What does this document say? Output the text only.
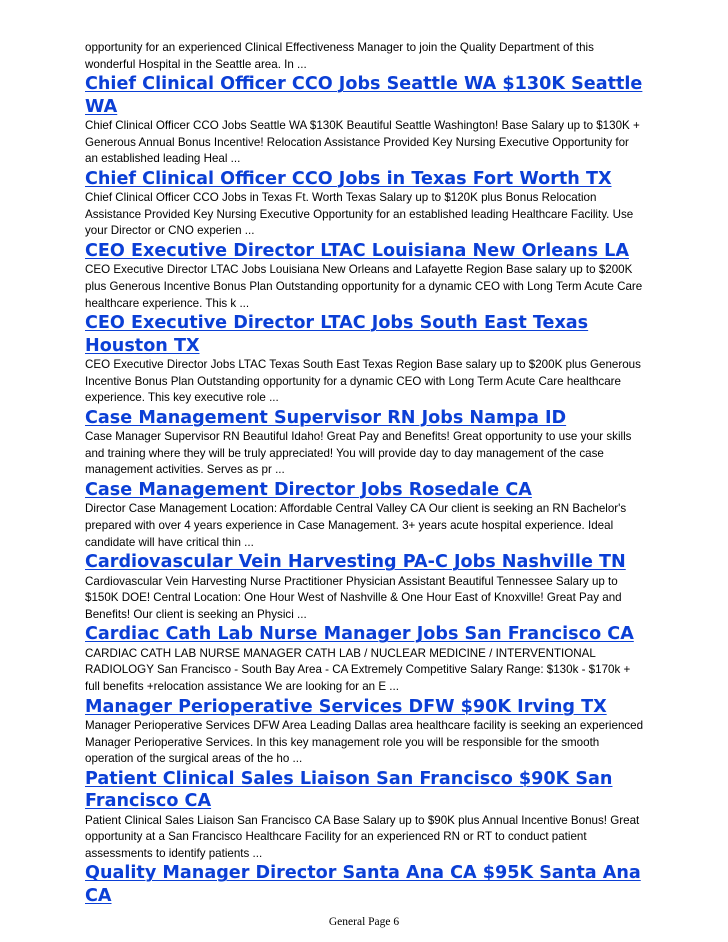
opportunity for an experienced Clinical Effectiveness Manager to join the Quality Department of this wonderful Hospital in the Seattle area. In ...

Chief Clinical Officer CCO Jobs Seattle WA $130K Seattle WA

Chief Clinical Officer CCO Jobs Seattle WA $130K Beautiful Seattle Washington! Base Salary up to $130K + Generous Annual Bonus Incentive! Relocation Assistance Provided Key Nursing Executive Opportunity for an established leading Heal ...

Chief Clinical Officer CCO Jobs in Texas Fort Worth TX

Chief Clinical Officer CCO Jobs in Texas Ft. Worth Texas Salary up to $120K plus Bonus Relocation Assistance Provided Key Nursing Executive Opportunity for an established leading Healthcare Facility. Use your Director or CNO experien ...

CEO Executive Director LTAC Louisiana New Orleans LA

CEO Executive Director LTAC Jobs Louisiana New Orleans and Lafayette Region Base salary up to $200K plus Generous Incentive Bonus Plan Outstanding opportunity for a dynamic CEO with Long Term Acute Care healthcare experience. This k ...

CEO Executive Director LTAC Jobs South East Texas Houston TX

CEO Executive Director Jobs LTAC Texas South East Texas Region Base salary up to $200K plus Generous Incentive Bonus Plan Outstanding opportunity for a dynamic CEO with Long Term Acute Care healthcare experience. This key executive role ...

Case Management Supervisor RN Jobs Nampa ID

Case Manager Supervisor RN Beautiful Idaho! Great Pay and Benefits! Great opportunity to use your skills and training where they will be truly appreciated! You will provide day to day management of the case management activities. Serves as pr ...

Case Management Director Jobs Rosedale CA

Director Case Management Location: Affordable Central Valley CA Our client is seeking an RN Bachelor's prepared with over 4 years experience in Case Management. 3+ years acute hospital experience. Ideal candidate will have critical thin ...

Cardiovascular Vein Harvesting PA-C Jobs Nashville TN

Cardiovascular Vein Harvesting Nurse Practitioner Physician Assistant Beautiful Tennessee Salary up to $150K DOE! Central Location: One Hour West of Nashville & One Hour East of Knoxville! Great Pay and Benefits! Our client is seeking an Physici ...

Cardiac Cath Lab Nurse Manager Jobs San Francisco CA

CARDIAC CATH LAB NURSE MANAGER CATH LAB / NUCLEAR MEDICINE / INTERVENTIONAL RADIOLOGY San Francisco - South Bay Area - CA Extremely Competitive Salary Range: $130k - $170k + full benefits +relocation assistance We are looking for an E ...

Manager Perioperative Services DFW $90K Irving TX

Manager Perioperative Services DFW Area Leading Dallas area healthcare facility is seeking an experienced Manager Perioperative Services. In this key management role you will be responsible for the smooth operation of the surgical areas of the ho ...

Patient Clinical Sales Liaison San Francisco $90K San Francisco CA

Patient Clinical Sales Liaison San Francisco CA Base Salary up to $90K plus Annual Incentive Bonus! Great opportunity at a San Francisco Healthcare Facility for an experienced RN or RT to conduct patient assessments to identify patients ...

Quality Manager Director Santa Ana CA $95K Santa Ana CA
General Page 6
